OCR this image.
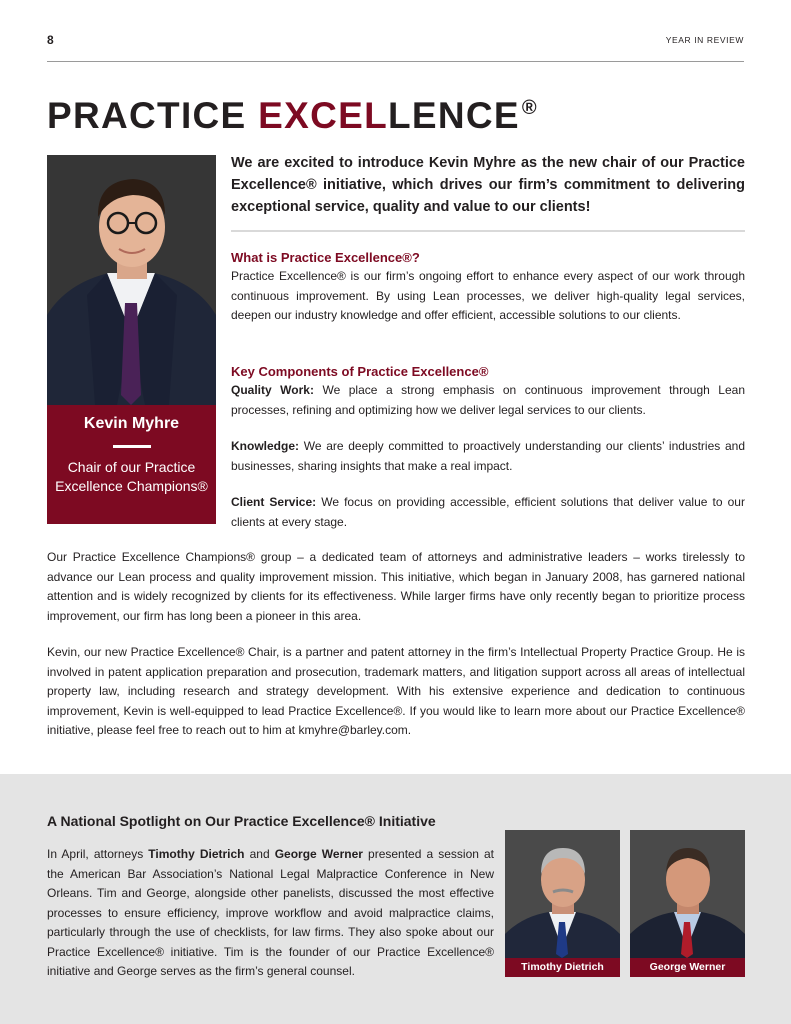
8	YEAR IN REVIEW
PRACTICE EXCELLENCE ®
Kevin Myhre
Chair of our Practice Excellence Champions®

We are excited to introduce Kevin Myhre as the new chair of our Practice Excellence® initiative, which drives our firm’s commitment to delivering exceptional service, quality and value to our clients!

What is Practice Excellence®?

Practice Excellence® is our firm’s ongoing effort to enhance every aspect of our work through continuous improvement. By using Lean processes, we deliver high-quality legal services, deepen our industry knowledge and offer efficient, accessible solutions to our clients.

Key Components of Practice Excellence®

Quality Work: We place a strong emphasis on continuous improvement through Lean processes, refining and optimizing how we deliver legal services to our clients.

Knowledge: We are deeply committed to proactively understanding our clients’ industries and businesses, sharing insights that make a real impact.

Client Service: We focus on providing accessible, efficient solutions that deliver value to our clients at every stage.

Our Practice Excellence Champions® group – a dedicated team of attorneys and administrative leaders – works tirelessly to advance our Lean process and quality improvement mission. This initiative, which began in January 2008, has garnered national attention and is widely recognized by clients for its effectiveness. While larger firms have only recently began to prioritize process improvement, our firm has long been a pioneer in this area.

Kevin, our new Practice Excellence® Chair, is a partner and patent attorney in the firm’s Intellectual Property Practice Group. He is involved in patent application preparation and prosecution, trademark matters, and litigation support across all areas of intellectual property law, including research and strategy development. With his extensive experience and dedication to continuous improvement, Kevin is well-equipped to lead Practice Excellence®. If you would like to learn more about our Practice Excellence® initiative, please feel free to reach out to him at kmyhre@barley.com.

A National Spotlight on Our Practice Excellence® Initiative

In April, attorneys Timothy Dietrich and George Werner presented a session at the American Bar Association’s National Legal Malpractice Conference in New Orleans. Tim and George, alongside other panelists, discussed the most effective processes to ensure efficiency, improve workflow and avoid malpractice claims, particularly through the use of checklists, for law firms. They also spoke about our Practice Excellence® initiative. Tim is the founder of our Practice Excellence® initiative and George serves as the firm’s general counsel.	Timothy Dietrich	George Werner
